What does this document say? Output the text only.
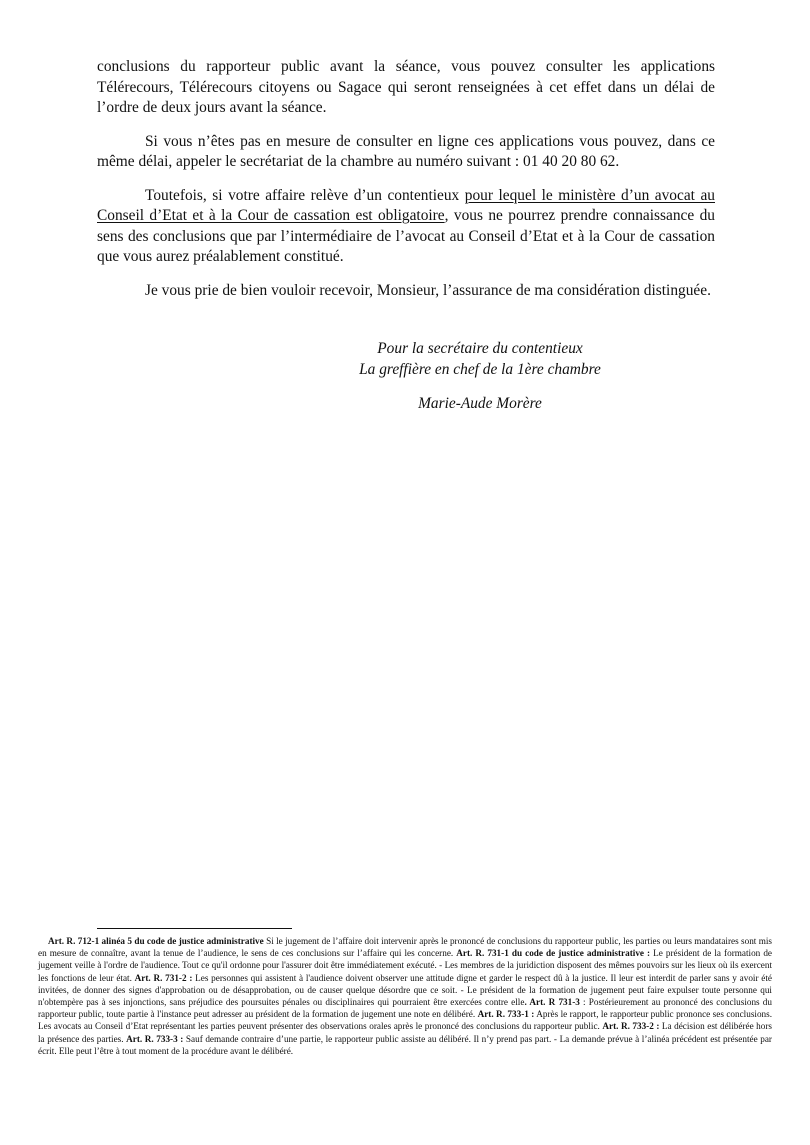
conclusions du rapporteur public avant la séance, vous pouvez consulter les applications Télérecours, Télérecours citoyens ou Sagace qui seront renseignées à cet effet dans un délai de l’ordre de deux jours avant la séance.

Si vous n’êtes pas en mesure de consulter en ligne ces applications vous pouvez, dans ce même délai, appeler le secrétariat de la chambre au numéro suivant : 01 40 20 80 62.

Toutefois, si votre affaire relève d’un contentieux pour lequel le ministère d’un avocat au Conseil d’Etat et à la Cour de cassation est obligatoire, vous ne pourrez prendre connaissance du sens des conclusions que par l’intermédiaire de l’avocat au Conseil d’Etat et à la Cour de cassation que vous aurez préalablement constitué.

Je vous prie de bien vouloir recevoir, Monsieur, l’assurance de ma considération distinguée.

Pour la secrétaire du contentieux
La greffière en chef de la 1ère chambre
Marie-Aude Morère

Art. R. 712-1 alinéa 5 du code de justice administrative Si le jugement de l’affaire doit intervenir après le prononcé de conclusions du rapporteur public, les parties ou leurs mandataires sont mis en mesure de connaître, avant la tenue de l’audience, le sens de ces conclusions sur l’affaire qui les concerne. Art. R. 731-1 du code de justice administrative : Le président de la formation de jugement veille à l'ordre de l'audience. Tout ce qu'il ordonne pour l'assurer doit être immédiatement exécuté. - Les membres de la juridiction disposent des mêmes pouvoirs sur les lieux où ils exercent les fonctions de leur état. Art. R. 731-2 : Les personnes qui assistent à l'audience doivent observer une attitude digne et garder le respect dû à la justice. Il leur est interdit de parler sans y avoir été invitées, de donner des signes d'approbation ou de désapprobation, ou de causer quelque désordre que ce soit. - Le président de la formation de jugement peut faire expulser toute personne qui n'obtempère pas à ses injonctions, sans préjudice des poursuites pénales ou disciplinaires qui pourraient être exercées contre elle. Art. R 731-3 : Postérieurement au prononcé des conclusions du rapporteur public, toute partie à l'instance peut adresser au président de la formation de jugement une note en délibéré. Art. R. 733-1 : Après le rapport, le rapporteur public prononce ses conclusions. Les avocats au Conseil d’Etat représentant les parties peuvent présenter des observations orales après le prononcé des conclusions du rapporteur public. Art. R. 733-2 : La décision est délibérée hors la présence des parties. Art. R. 733-3 : Sauf demande contraire d’une partie, le rapporteur public assiste au délibéré. Il n’y prend pas part. - La demande prévue à l’alinéa précédent est présentée par écrit. Elle peut l’être à tout moment de la procédure avant le délibéré.
